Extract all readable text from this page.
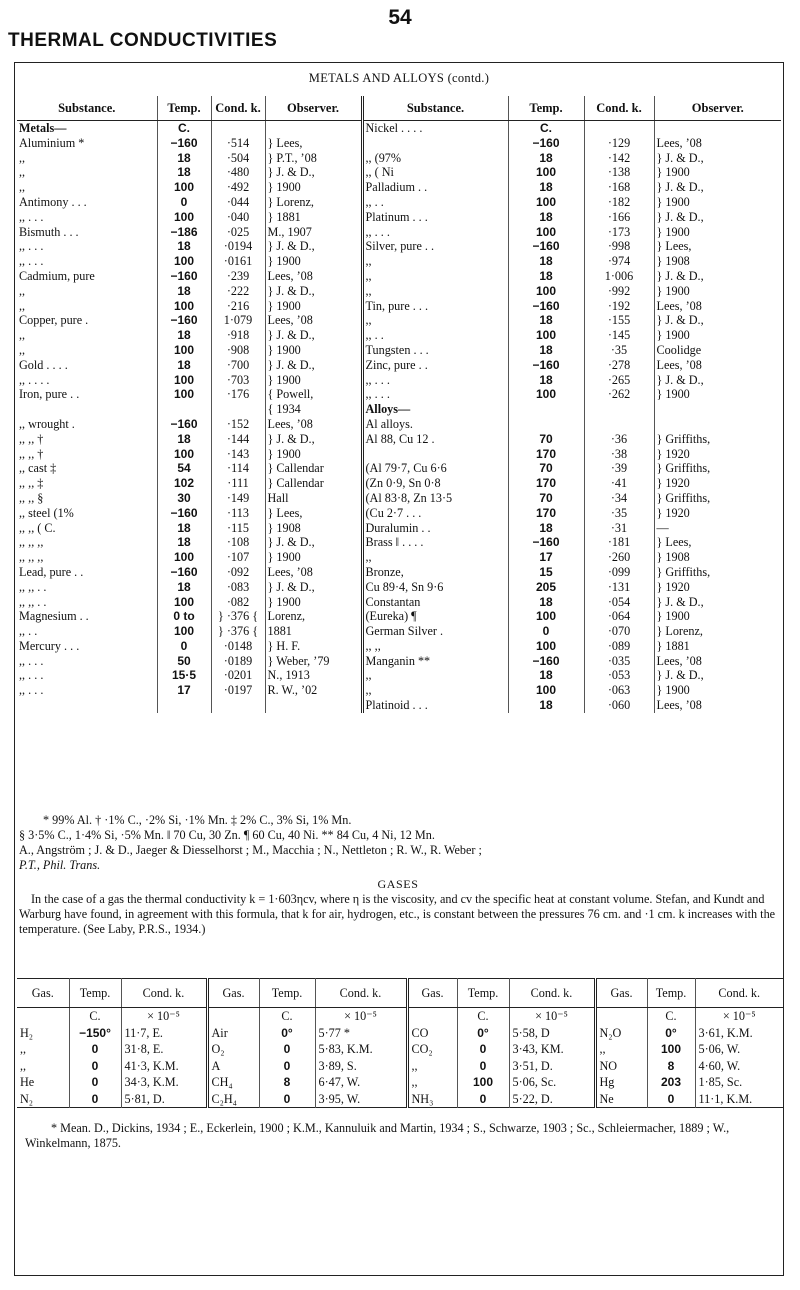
54
THERMAL CONDUCTIVITIES
METALS AND ALLOYS (contd.)
Substance.	Temp.	Cond. k.	Observer.	Substance.	Temp.	Cond. k.	Observer.
Metals—	C.			Nickel . . . .	C.		
Aluminium *	−160	·514	} Lees,		−160	·129	Lees, ’08
,,	18	·504	} P.T., ’08	,, (97%	18	·142	} J. & D.,
,,	18	·480	} J. & D.,	,, ( Ni	100	·138	} 1900
,,	100	·492	} 1900	Palladium . .	18	·168	} J. & D.,
Antimony . . .	0	·044	} Lorenz,	,, . .	100	·182	} 1900
,, . . .	100	·040	} 1881	Platinum . . .	18	·166	} J. & D.,
Bismuth . . .	−186	·025	M., 1907	,, . . .	100	·173	} 1900
,, . . .	18	·0194	} J. & D.,	Silver, pure . .	−160	·998	} Lees,
,, . . .	100	·0161	} 1900	,,	18	·974	} 1908
Cadmium, pure	−160	·239	Lees, ’08	,,	18	1·006	} J. & D.,
,,	18	·222	} J. & D.,	,,	100	·992	} 1900
,,	100	·216	} 1900	Tin, pure . . .	−160	·192	Lees, ’08
Copper, pure .	−160	1·079	Lees, ’08	,,	18	·155	} J. & D.,
,,	18	·918	} J. & D.,	,, . .	100	·145	} 1900
,,	100	·908	} 1900	Tungsten . . .	18	·35	Coolidge
Gold . . . .	18	·700	} J. & D.,	Zinc, pure . .	−160	·278	Lees, ’08
,, . . . .	100	·703	} 1900	,, . . .	18	·265	} J. & D.,
Iron, pure . .	100	·176	{ Powell,	,, . . .	100	·262	} 1900
			{ 1934	Alloys—			
,, wrought .	−160	·152	Lees, ’08	Al alloys.			
,, ,, †	18	·144	} J. & D.,	Al 88, Cu 12 .	70	·36	} Griffiths,
,, ,, †	100	·143	} 1900		170	·38	} 1920
,, cast ‡	54	·114	} Callendar	(Al 79·7, Cu 6·6	70	·39	} Griffiths,
,, ,, ‡	102	·111	} Callendar	(Zn 0·9, Sn 0·8	170	·41	} 1920
,, ,, §	30	·149	Hall	(Al 83·8, Zn 13·5	70	·34	} Griffiths,
,, steel (1%	−160	·113	} Lees,	(Cu 2·7 . . .	170	·35	} 1920
,, ,, ( C.	18	·115	} 1908	Duralumin . .	18	·31	—
,, ,, ,,	18	·108	} J. & D.,	Brass ‖ . . . .	−160	·181	} Lees,
,, ,, ,,	100	·107	} 1900	,,	17	·260	} 1908
Lead, pure . .	−160	·092	Lees, ’08	Bronze,	15	·099	} Griffiths,
,, ,, . .	18	·083	} J. & D.,	Cu 89·4, Sn 9·6	205	·131	} 1920
,, ,, . .	100	·082	} 1900	Constantan	18	·054	} J. & D.,
Magnesium . .	0 to	} ·376 {	Lorenz,	(Eureka) ¶	100	·064	} 1900
,, . .	100	} ·376 {	1881	German Silver .	0	·070	} Lorenz,
Mercury . . .	0	·0148	} H. F.	,, ,,	100	·089	} 1881
,, . . .	50	·0189	} Weber, ’79	Manganin **	−160	·035	Lees, ’08
,, . . .	15·5	·0201	N., 1913	,,	18	·053	} J. & D.,
,, . . .	17	·0197	R. W., ’02	,,	100	·063	} 1900
				Platinoid . . .	18	·060	Lees, ’08

* 99% Al. † ·1% C., ·2% Si, ·1% Mn. ‡ 2% C., 3% Si, 1% Mn.

§ 3·5% C., 1·4% Si, ·5% Mn. ‖ 70 Cu, 30 Zn. ¶ 60 Cu, 40 Ni. ** 84 Cu, 4 Ni, 12 Mn.

A., Angström ; J. & D., Jaeger & Diesselhorst ; M., Macchia ; N., Nettleton ; R. W., R. Weber ;

P.T., Phil. Trans.

GASES

In the case of a gas the thermal conductivity k = 1·603ηcv, where η is the viscosity, and cv the specific heat at constant volume. Stefan, and Kundt and Warburg have found, in agreement with this formula, that k for air, hydrogen, etc., is constant between the pressures 76 cm. and ·1 cm. k increases with the temperature. (See Laby, P.R.S., 1934.)

Gas.	Temp.	Cond. k.	Gas.	Temp.	Cond. k.	Gas.	Temp.	Cond. k.	Gas.	Temp.	Cond. k.
	C.	× 10⁻⁵		C.	× 10⁻⁵		C.	× 10⁻⁵		C.	× 10⁻⁵
H₂	−150°	11·7, E.	Air	0°	5·77 *	CO	0°	5·58, D	N₂O	0°	3·61, K.M.
,,	0	31·8, E.	O₂	0	5·83, K.M.	CO₂	0	3·43, KM.	,,	100	5·06, W.
,,	0	41·3, K.M.	A	0	3·89, S.	,,	0	3·51, D.	NO	8	4·60, W.
He	0	34·3, K.M.	CH₄	8	6·47, W.	,,	100	5·06, Sc.	Hg	203	1·85, Sc.
N₂	0	5·81, D.	C₂H₄	0	3·95, W.	NH₃	0	5·22, D.	Ne	0	11·1, K.M.

* Mean. D., Dickins, 1934 ; E., Eckerlein, 1900 ; K.M., Kannuluik and Martin, 1934 ; S., Schwarze, 1903 ; Sc., Schleiermacher, 1889 ; W., Winkelmann, 1875.
